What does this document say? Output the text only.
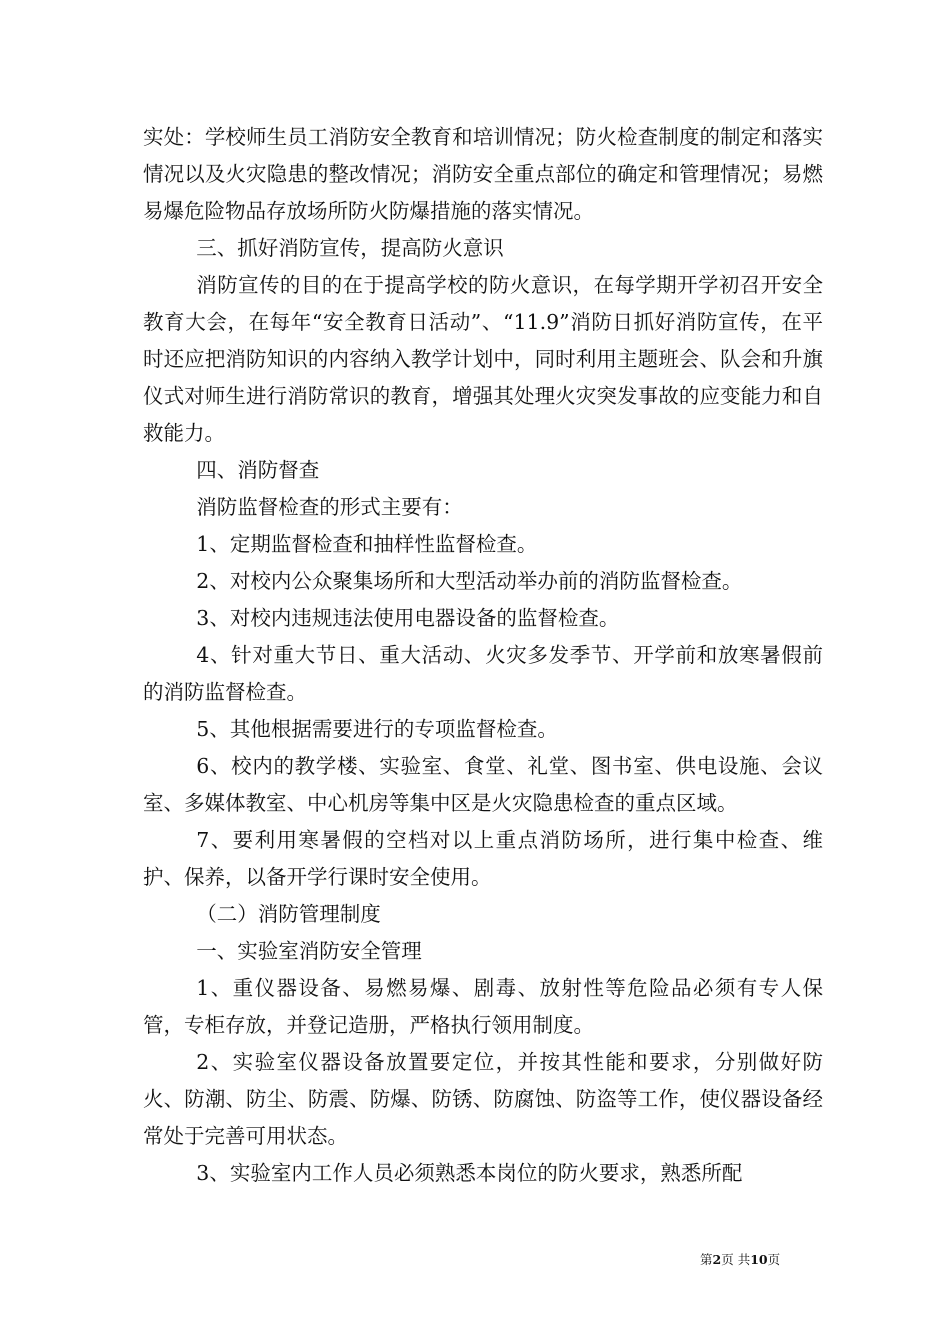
实处：学校师生员工消防安全教育和培训情况；防火检查制度的制定和落实情况以及火灾隐患的整改情况；消防安全重点部位的确定和管理情况；易燃易爆危险物品存放场所防火防爆措施的落实情况。

三、抓好消防宣传，提高防火意识

消防宣传的目的在于提高学校的防火意识，在每学期开学初召开安全教育大会，在每年“安全教育日活动”、“11.9”消防日抓好消防宣传，在平时还应把消防知识的内容纳入教学计划中，同时利用主题班会、队会和升旗仪式对师生进行消防常识的教育，增强其处理火灾突发事故的应变能力和自救能力。

四、消防督查

消防监督检查的形式主要有：

1、定期监督检查和抽样性监督检查。

2、对校内公众聚集场所和大型活动举办前的消防监督检查。

3、对校内违规违法使用电器设备的监督检查。

4、针对重大节日、重大活动、火灾多发季节、开学前和放寒暑假前的消防监督检查。

5、其他根据需要进行的专项监督检查。

6、校内的教学楼、实验室、食堂、礼堂、图书室、供电设施、会议室、多媒体教室、中心机房等集中区是火灾隐患检查的重点区域。

7、要利用寒暑假的空档对以上重点消防场所，进行集中检查、维护、保养，以备开学行课时安全使用。

（二）消防管理制度

一、实验室消防安全管理

1、重仪器设备、易燃易爆、剧毒、放射性等危险品必须有专人保管，专柜存放，并登记造册，严格执行领用制度。

2、实验室仪器设备放置要定位，并按其性能和要求，分别做好防火、防潮、防尘、防震、防爆、防锈、防腐蚀、防盗等工作，使仪器设备经常处于完善可用状态。

3、实验室内工作人员必须熟悉本岗位的防火要求，熟悉所配

第2页 共10页
